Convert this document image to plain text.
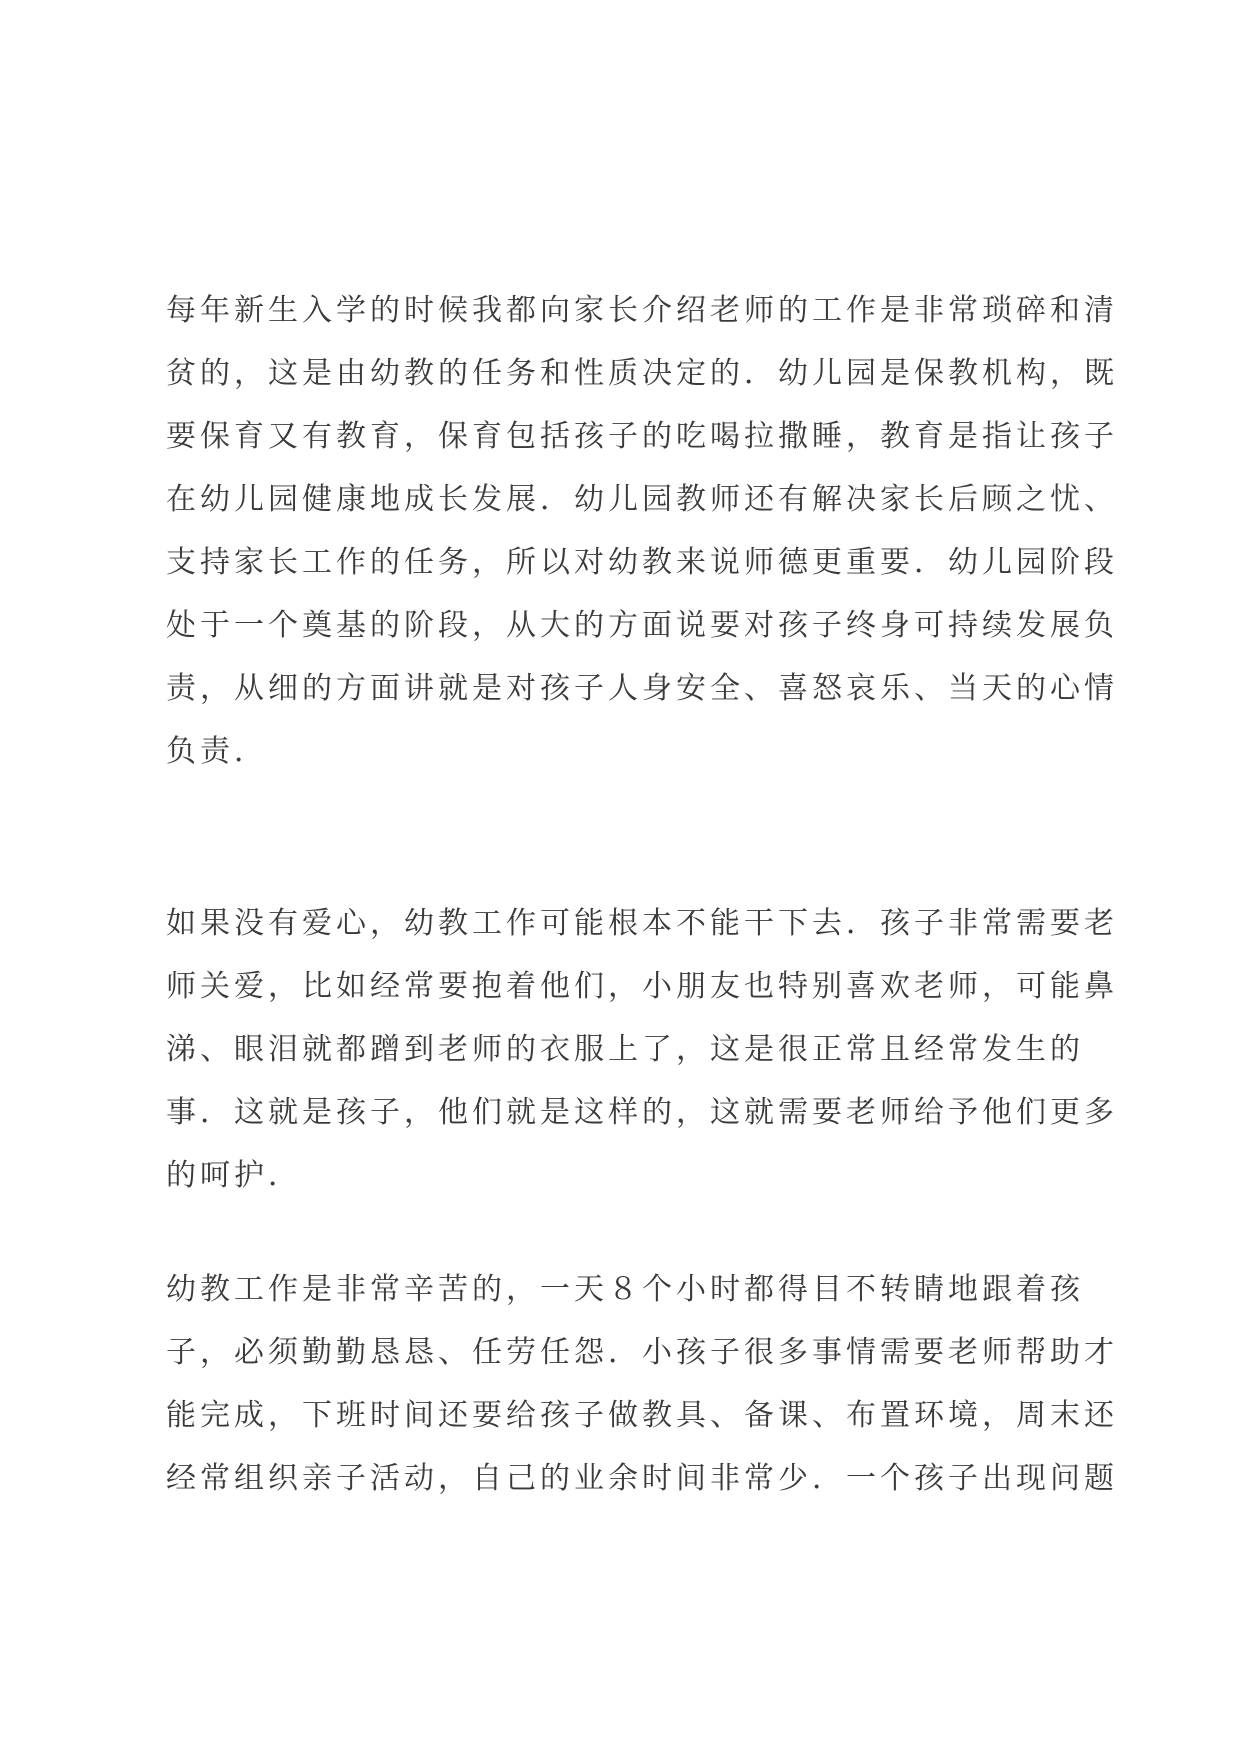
每年新生入学的时候我都向家长介绍老师的工作是非常琐碎和清
贫的，这是由幼教的任务和性质决定的．幼儿园是保教机构，既
要保育又有教育，保育包括孩子的吃喝拉撒睡，教育是指让孩子
在幼儿园健康地成长发展．幼儿园教师还有解决家长后顾之忧、
支持家长工作的任务，所以对幼教来说师德更重要．幼儿园阶段
处于一个奠基的阶段，从大的方面说要对孩子终身可持续发展负
责，从细的方面讲就是对孩子人身安全、喜怒哀乐、当天的心情
负责．
如果没有爱心，幼教工作可能根本不能干下去．孩子非常需要老
师关爱，比如经常要抱着他们，小朋友也特别喜欢老师，可能鼻
涕、眼泪就都蹭到老师的衣服上了，这是很正常且经常发生的
事．这就是孩子，他们就是这样的，这就需要老师给予他们更多
的呵护．
幼教工作是非常辛苦的，一天８个小时都得目不转睛地跟着孩
子，必须勤勤恳恳、任劳任怨．小孩子很多事情需要老师帮助才
能完成，下班时间还要给孩子做教具、备课、布置环境，周末还
经常组织亲子活动，自己的业余时间非常少．一个孩子出现问题
